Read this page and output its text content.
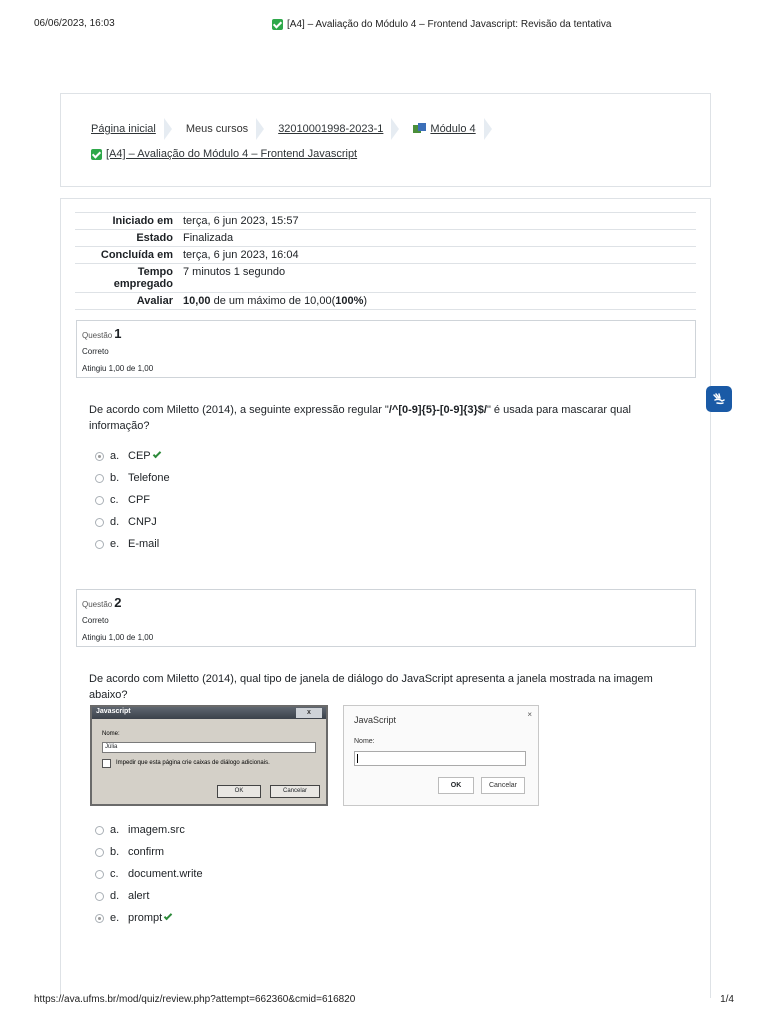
06/06/2023, 16:03	[A4] – Avaliação do Módulo 4 – Frontend Javascript: Revisão da tentativa
Página inicial	Meus cursos	32010001998-2023-1	Módulo 4
[A4] – Avaliação do Módulo 4 – Frontend Javascript
Iniciado em	terça, 6 jun 2023, 15:57
Estado	Finalizada
Concluída em	terça, 6 jun 2023, 16:04
Tempo
empregado	7 minutos 1 segundo
Avaliar	10,00 de um máximo de 10,00(100%)
Questão 1
Correto
Atingiu 1,00 de 1,00
De acordo com Miletto (2014), a seguinte expressão regular "/^[0-9]{5}-[0-9]{3}$/" é usada para mascarar qual informação?
a. CEP
b. Telefone
c. CPF
d. CNPJ
e. E-mail
Questão 2
Correto
Atingiu 1,00 de 1,00
De acordo com Miletto (2014), qual tipo de janela de diálogo do JavaScript apresenta a janela mostrada na imagem abaixo?
Javascript	x
Nome:
Júlia
Impedir que esta página crie caixas de diálogo adicionais.
OK	Cancelar
JavaScript
×
Nome:
OK	Cancelar
a. imagem.src
b. confirm
c. document.write
d. alert
e. prompt
https://ava.ufms.br/mod/quiz/review.php?attempt=662360&cmid=616820	1/4
